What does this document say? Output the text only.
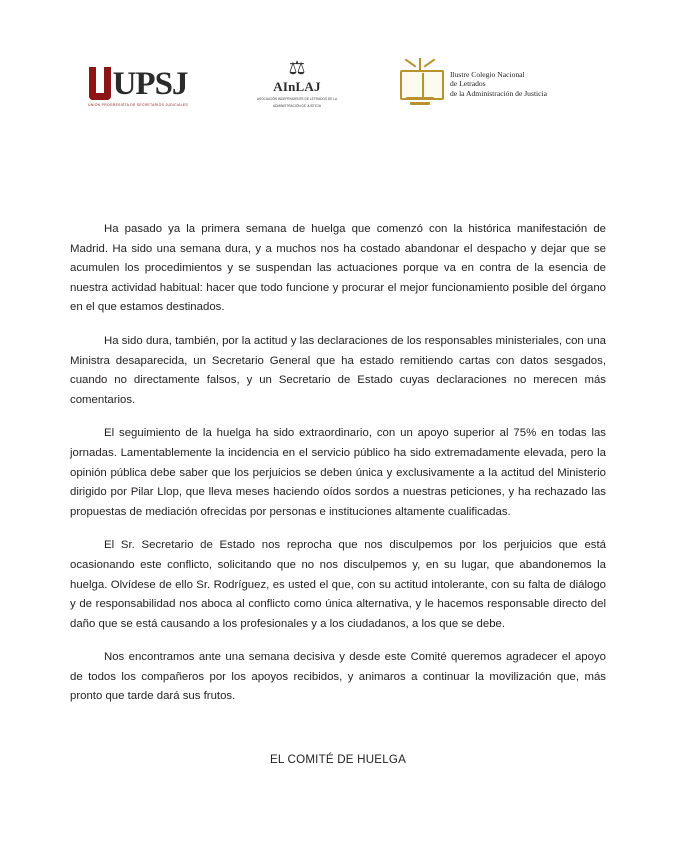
UPSJ
UNIÓN PROGRESISTA DE SECRETARIOS JUDICIALES
⚖
AInLAJ
ASOCIACIÓN INDEPENDIENTE DE LETRADOS DE LA
ADMINISTRACIÓN DE JUSTICIA
Ilustre Colegio Nacional
de Letrados
de la Administración de Justicia

Ha pasado ya la primera semana de huelga que comenzó con la histórica manifestación de Madrid. Ha sido una semana dura, y a muchos nos ha costado abandonar el despacho y dejar que se acumulen los procedimientos y se suspendan las actuaciones porque va en contra de la esencia de nuestra actividad habitual: hacer que todo funcione y procurar el mejor funcionamiento posible del órgano en el que estamos destinados.

Ha sido dura, también, por la actitud y las declaraciones de los responsables ministeriales, con una Ministra desaparecida, un Secretario General que ha estado remitiendo cartas con datos sesgados, cuando no directamente falsos, y un Secretario de Estado cuyas declaraciones no merecen más comentarios.

El seguimiento de la huelga ha sido extraordinario, con un apoyo superior al 75% en todas las jornadas. Lamentablemente la incidencia en el servicio público ha sido extremadamente elevada, pero la opinión pública debe saber que los perjuicios se deben única y exclusivamente a la actitud del Ministerio dirigido por Pilar Llop, que lleva meses haciendo oídos sordos a nuestras peticiones, y ha rechazado las propuestas de mediación ofrecidas por personas e instituciones altamente cualificadas.

El Sr. Secretario de Estado nos reprocha que nos disculpemos por los perjuicios que está ocasionando este conflicto, solicitando que no nos disculpemos y, en su lugar, que abandonemos la huelga. Olvídese de ello Sr. Rodríguez, es usted el que, con su actitud intolerante, con su falta de diálogo y de responsabilidad nos aboca al conflicto como única alternativa, y le hacemos responsable directo del daño que se está causando a los profesionales y a los ciudadanos, a los que se debe.

Nos encontramos ante una semana decisiva y desde este Comité queremos agradecer el apoyo de todos los compañeros por los apoyos recibidos, y animaros a continuar la movilización que, más pronto que tarde dará sus frutos.

EL COMITÉ DE HUELGA
